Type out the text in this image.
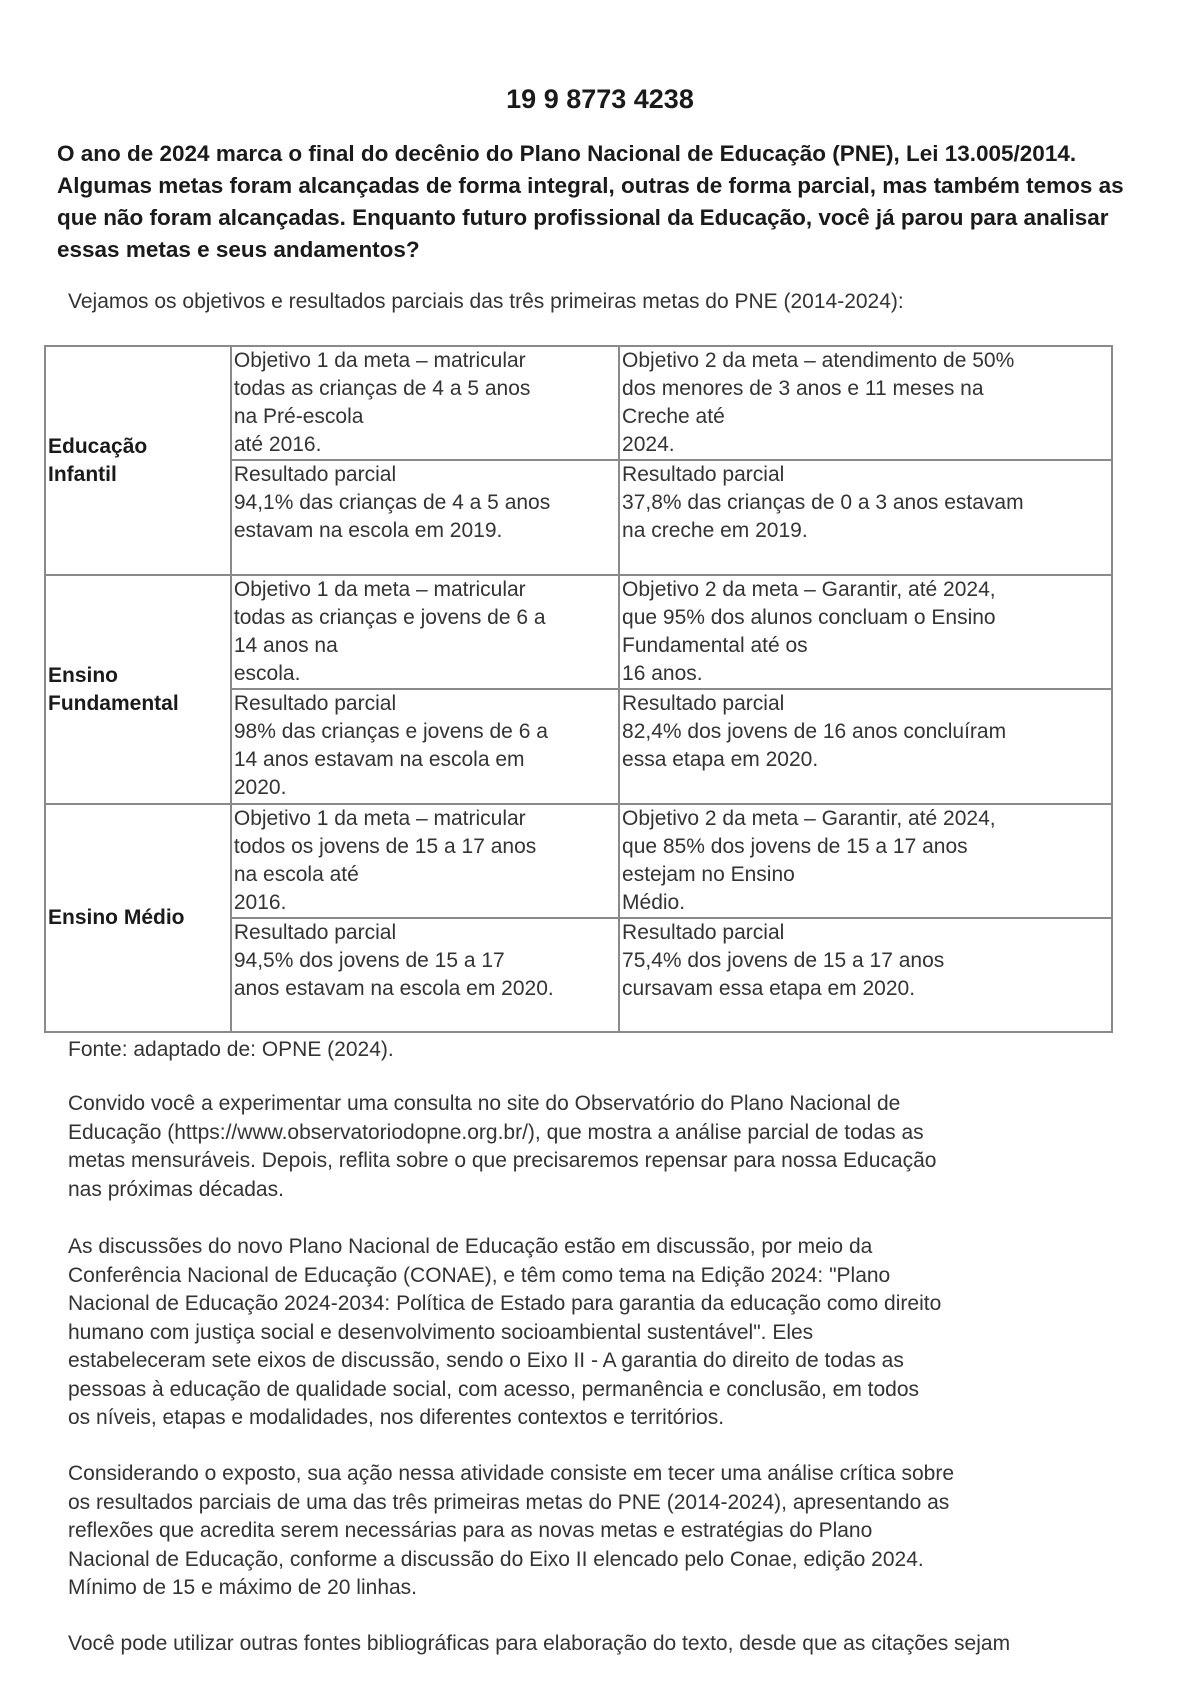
19 9 8773 4238
O ano de 2024 marca o final do decênio do Plano Nacional de Educação (PNE), Lei 13.005/2014. Algumas metas foram alcançadas de forma integral, outras de forma parcial, mas também temos as que não foram alcançadas. Enquanto futuro profissional da Educação, você já parou para analisar essas metas e seus andamentos?
Vejamos os objetivos e resultados parciais das três primeiras metas do PNE (2014-2024):
Educação
Infantil	Objetivo 1 da meta – matricular
todas as crianças de 4 a 5 anos
na Pré-escola
até 2016.	Objetivo 2 da meta – atendimento de 50%
dos menores de 3 anos e 11 meses na
Creche até
2024.
	Resultado parcial
94,1% das crianças de 4 a 5 anos
estavam na escola em 2019.	Resultado parcial
37,8% das crianças de 0 a 3 anos estavam
na creche em 2019.
Ensino
Fundamental	Objetivo 1 da meta – matricular
todas as crianças e jovens de 6 a
14 anos na
escola.	Objetivo 2 da meta – Garantir, até 2024,
que 95% dos alunos concluam o Ensino
Fundamental até os
16 anos.
	Resultado parcial
98% das crianças e jovens de 6 a
14 anos estavam na escola em
2020.	Resultado parcial
82,4% dos jovens de 16 anos concluíram
essa etapa em 2020.
Ensino Médio	Objetivo 1 da meta – matricular
todos os jovens de 15 a 17 anos
na escola até
2016.	Objetivo 2 da meta – Garantir, até 2024,
que 85% dos jovens de 15 a 17 anos
estejam no Ensino
Médio.
	Resultado parcial
94,5% dos jovens de 15 a 17
anos estavam na escola em 2020.	Resultado parcial
75,4% dos jovens de 15 a 17 anos
cursavam essa etapa em 2020.
Fonte: adaptado de: OPNE (2024).
Convido você a experimentar uma consulta no site do Observatório do Plano Nacional de
Educação (https://www.observatoriodopne.org.br/), que mostra a análise parcial de todas as
metas mensuráveis. Depois, reflita sobre o que precisaremos repensar para nossa Educação
nas próximas décadas.
As discussões do novo Plano Nacional de Educação estão em discussão, por meio da
Conferência Nacional de Educação (CONAE), e têm como tema na Edição 2024: "Plano
Nacional de Educação 2024-2034: Política de Estado para garantia da educação como direito
humano com justiça social e desenvolvimento socioambiental sustentável". Eles
estabeleceram sete eixos de discussão, sendo o Eixo II - A garantia do direito de todas as
pessoas à educação de qualidade social, com acesso, permanência e conclusão, em todos
os níveis, etapas e modalidades, nos diferentes contextos e territórios.
Considerando o exposto, sua ação nessa atividade consiste em tecer uma análise crítica sobre
os resultados parciais de uma das três primeiras metas do PNE (2014-2024), apresentando as
reflexões que acredita serem necessárias para as novas metas e estratégias do Plano
Nacional de Educação, conforme a discussão do Eixo II elencado pelo Conae, edição 2024.
Mínimo de 15 e máximo de 20 linhas.
Você pode utilizar outras fontes bibliográficas para elaboração do texto, desde que as citações sejam
